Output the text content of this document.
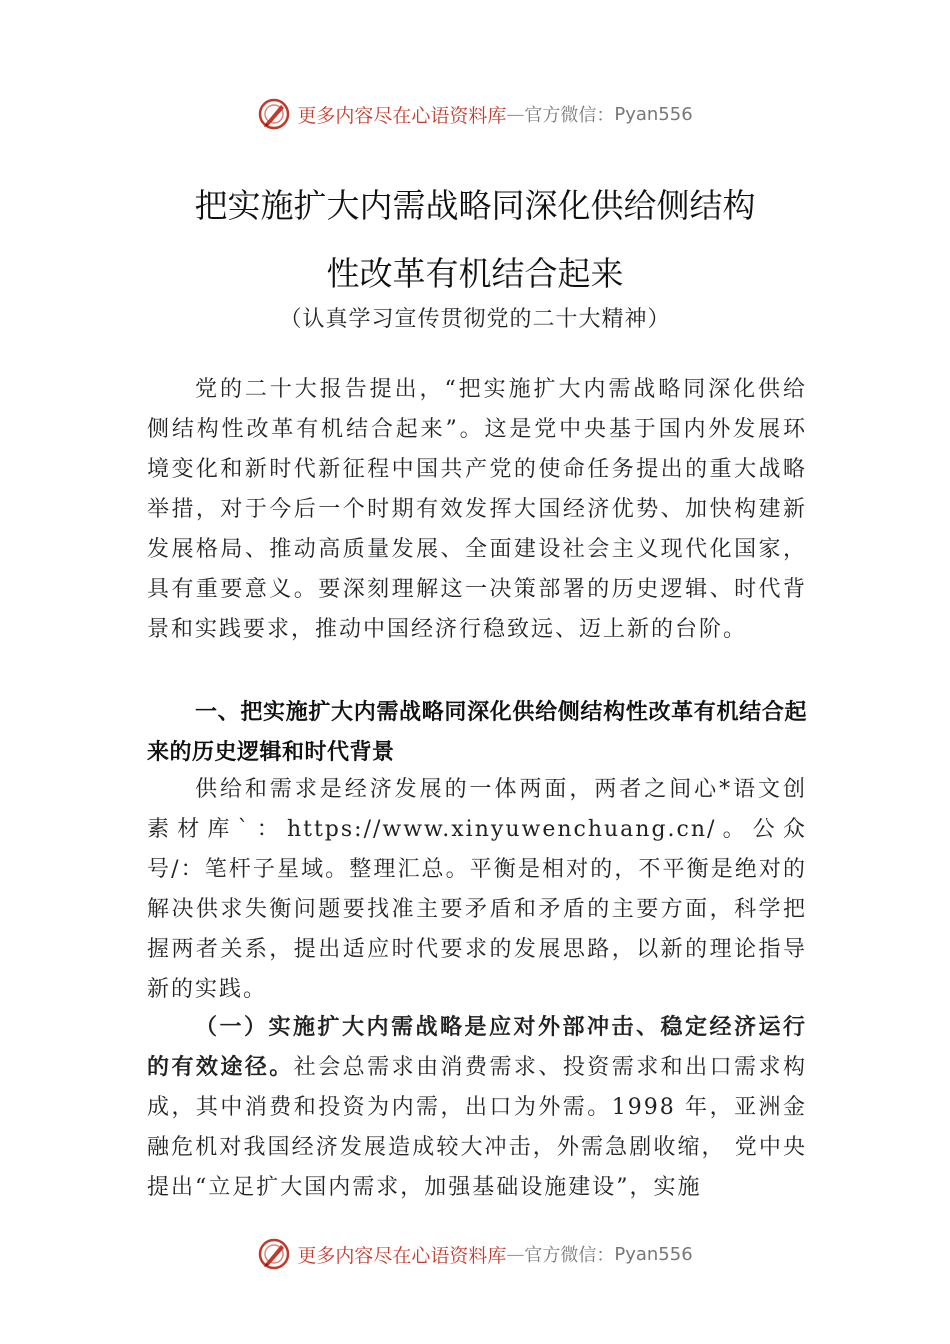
更多内容尽在心语资料库 — 官方微信： Pyan556
把实施扩大内需战略同深化供给侧结构
性改革有机结合起来
（认真学习宣传贯彻党的二十大精神）
党的二十大报告提出，“把实施扩大内需战略同深化供给侧结构性改革有机结合起来”。这是党中央基于国内外发展环境变化和新时代新征程中国共产党的使命任务提出的重大战略举措，对于今后一个时期有效发挥大国经济优势、加快构建新发展格局、推动高质量发展、全面建设社会主义现代化国家，具有重要意义。要深刻理解这一决策部署的历史逻辑、时代背景和实践要求，推动中国经济行稳致远、迈上新的台阶。
一、把实施扩大内需战略同深化供给侧结构性改革有机结合起来的历史逻辑和时代背景
供给和需求是经济发展的一体两面，两者之间心*语文创素材库`：https://www.xinyuwenchuang.cn/。公众号/：笔杆子星域。整理汇总。平衡是相对的，不平衡是绝对的解决供求失衡问题要找准主要矛盾和矛盾的主要方面，科学把握两者关系，提出适应时代要求的发展思路，以新的理论指导新的实践。
（一）实施扩大内需战略是应对外部冲击、稳定经济运行的有效途径。社会总需求由消费需求、投资需求和出口需求构成，其中消费和投资为内需，出口为外需。1998 年，亚洲金融危机对我国经济发展造成较大冲击，外需急剧收缩， 党中央提出“立足扩大国内需求，加强基础设施建设”，实施
更多内容尽在心语资料库 — 官方微信： Pyan556
